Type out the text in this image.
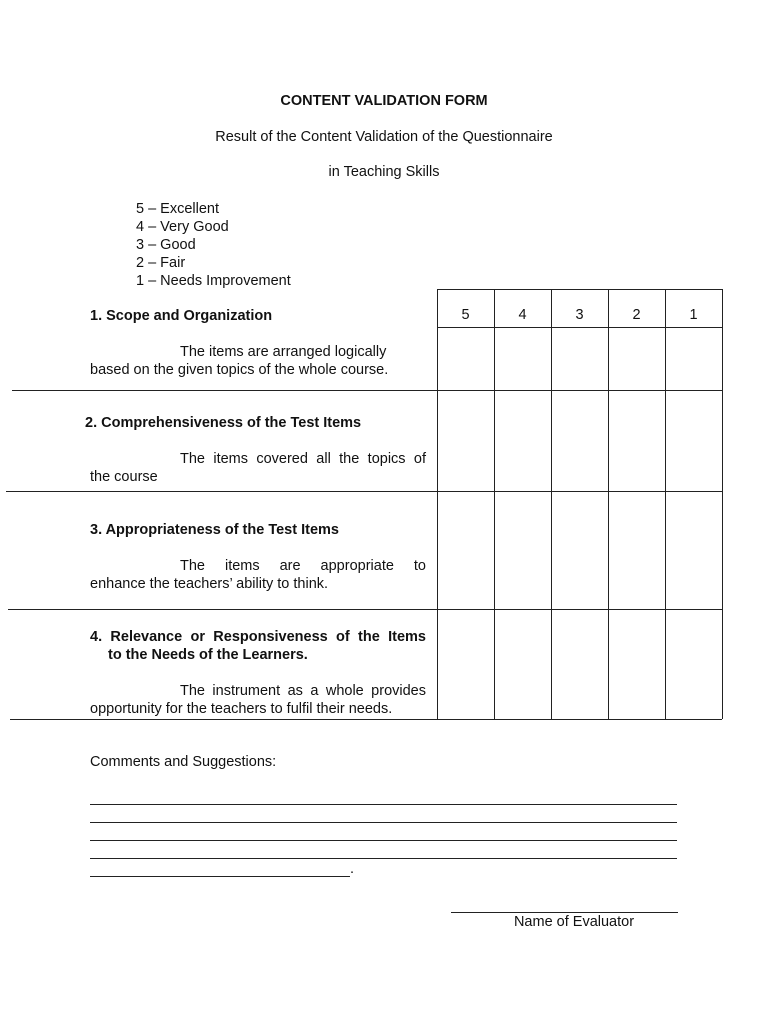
CONTENT VALIDATION FORM
Result of the Content Validation of the Questionnaire
in Teaching Skills
5 – Excellent
4 – Very Good
3 – Good
2 – Fair
1 – Needs Improvement
5	4	3	2	1
1. Scope and Organization
The items are arranged logically
based on the given topics of the whole course.
2. Comprehensiveness of the Test Items
The items covered all the topics of
the course
3. Appropriateness of the Test Items
The items are appropriate to
enhance the teachers’ ability to think.
4. Relevance or Responsiveness of the Items
to the Needs of the Learners.
The instrument as a whole provides
opportunity for the teachers to fulfil their needs.
Comments and Suggestions:
.
Name of Evaluator
